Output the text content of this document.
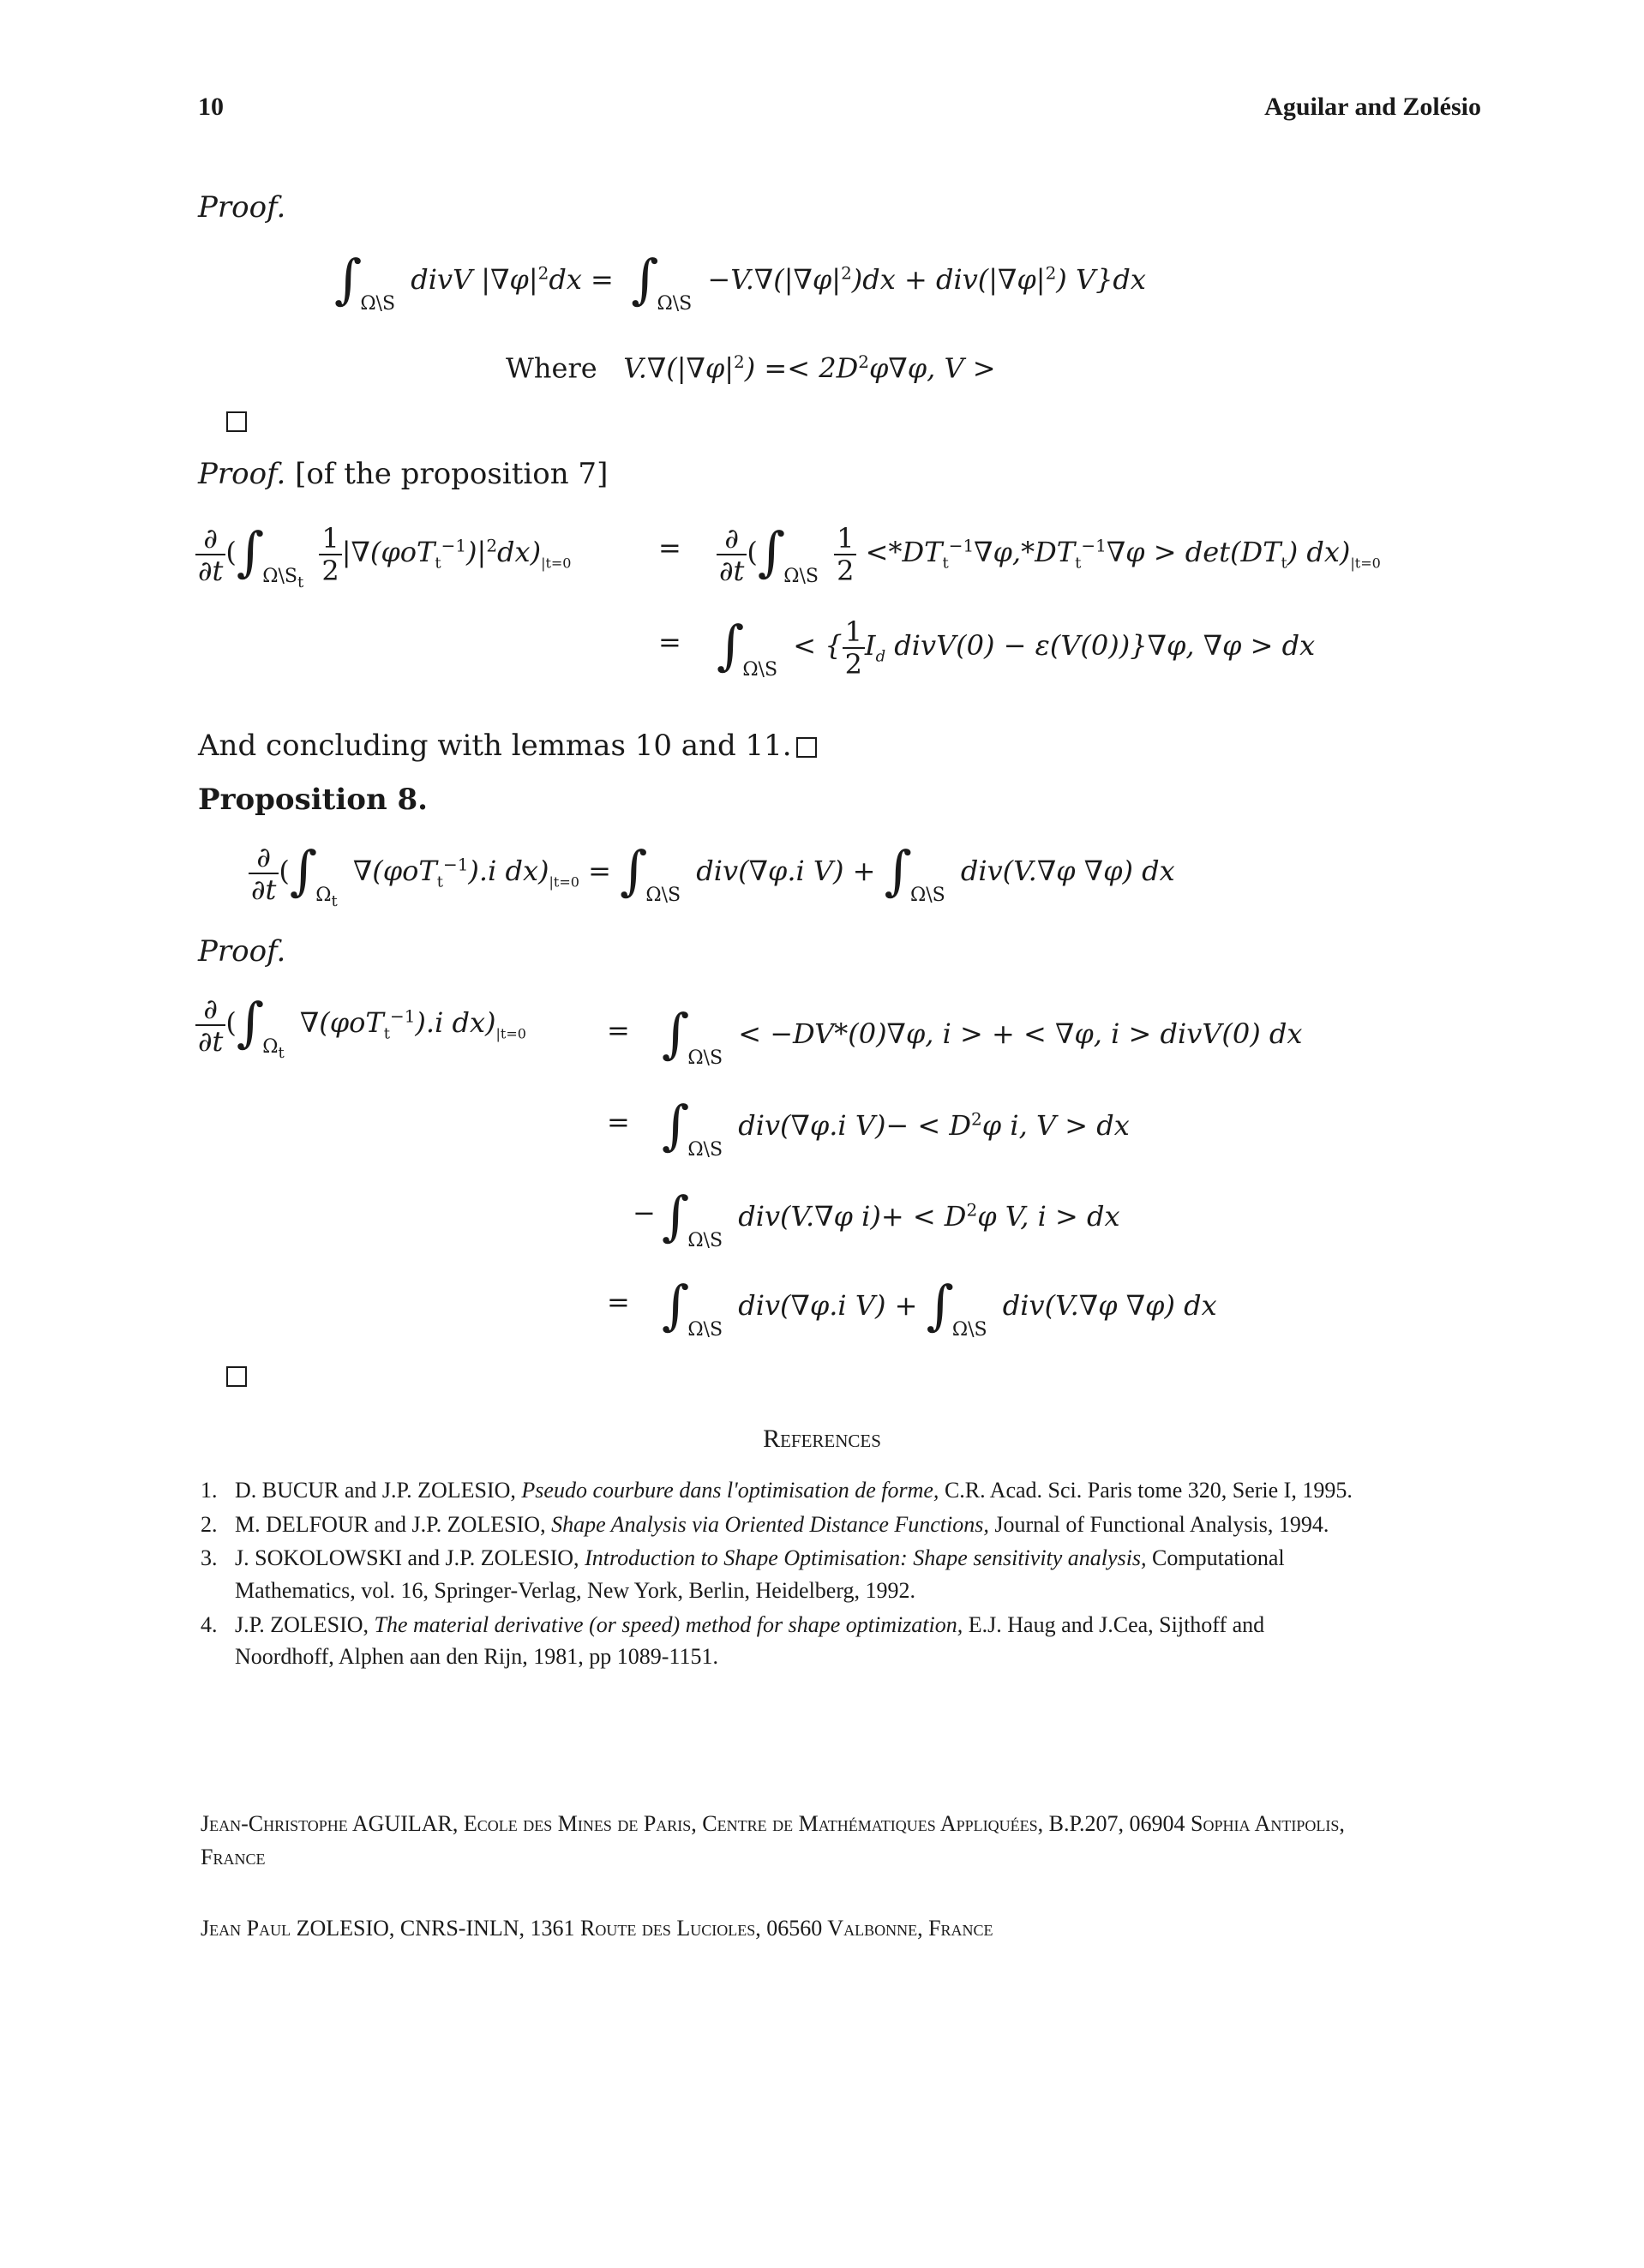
10	Aguilar and Zolésio
Proof.
$\int_{\Omega\backslash S}$ divV $|\nabla\varphi|^2dx = \int_{\Omega\backslash S} -V.\nabla(|\nabla\varphi|^2)dx + div(|\nabla\varphi|^2)$ V}dx
Where $V.\nabla(|\nabla\varphi|^2) =< 2D^2\varphi\nabla\varphi$, V >
Proof. [of the proposition 7]
$\frac{\partial}{\partial t} (\int_{\Omega\backslash S_t} \frac{1}{2} |\nabla(\varphi oT_t^{-1})|^2dx)_{|t=0}$	= $\frac{\partial}{\partial t} (\int_{\Omega\backslash S} \frac{1}{2} <*DT_t^{-1}\nabla\varphi,*DT_t^{-1}\nabla\varphi > \det(DT_t)$ $dx)_{|t=0}$
= $\int_{\Omega\backslash S}$ < { $\frac{1}{2} I_d$ divV(0) − ε(V(0))}∇φ, ∇φ > dx
And concluding with lemmas 10 and 11.
Proposition 8.
$\frac{\partial}{\partial t} (\int_{\Omega_t}$ ∇(φoT$_t^{-1}$).i $dx)_{|t=0} = \int_{\Omega\backslash S}$ div(∇φ.i $V) + \int_{\Omega\backslash S}$ div(V.∇φ ∇φ) dx
Proof.
$\frac{\partial}{\partial t} (\int_{\Omega_t}$ ∇(φoT$_t^{-1}$).i $dx)_{|t=0}$	= $\int_{\Omega\backslash S} < -DV*(0)\nabla\varphi$, i > + < ∇φ, i > divV(0) dx
= $\int_{\Omega\backslash S}$ div(∇φ.i $V)- < D^2\varphi$ i, V > dx
− $\int_{\Omega\backslash S}$ div(V.∇φ $i)+ < D^2\varphi$ V, i > dx
= $\int_{\Omega\backslash S}$ div(∇φ.i $V) + \int_{\Omega\backslash S}$ div(V.∇φ ∇φ) dx
References
1. D. BUCUR and J.P. ZOLESIO, Pseudo courbure dans l'optimisation de forme, C.R. Acad. Sci. Paris tome 320, Serie I, 1995.
2. M. DELFOUR and J.P. ZOLESIO, Shape Analysis via Oriented Distance Functions, Journal of Functional Analysis, 1994.
3. J. SOKOLOWSKI and J.P. ZOLESIO, Introduction to Shape Optimisation: Shape sensitivity analysis, Computational Mathematics, vol. 16, Springer-Verlag, New York, Berlin, Heidelberg, 1992.
4. J.P. ZOLESIO, The material derivative (or speed) method for shape optimization, E.J. Haug and J.Cea, Sijthoff and Noordhoff, Alphen aan den Rijn, 1981, pp 1089-1151.
Jean-Christophe AGUILAR, Ecole des Mines de Paris, Centre de Mathématiques Appliquées, B.P.207, 06904 Sophia Antipolis, France
Jean Paul ZOLESIO, CNRS-INLN, 1361 Route des Lucioles, 06560 Valbonne, France
